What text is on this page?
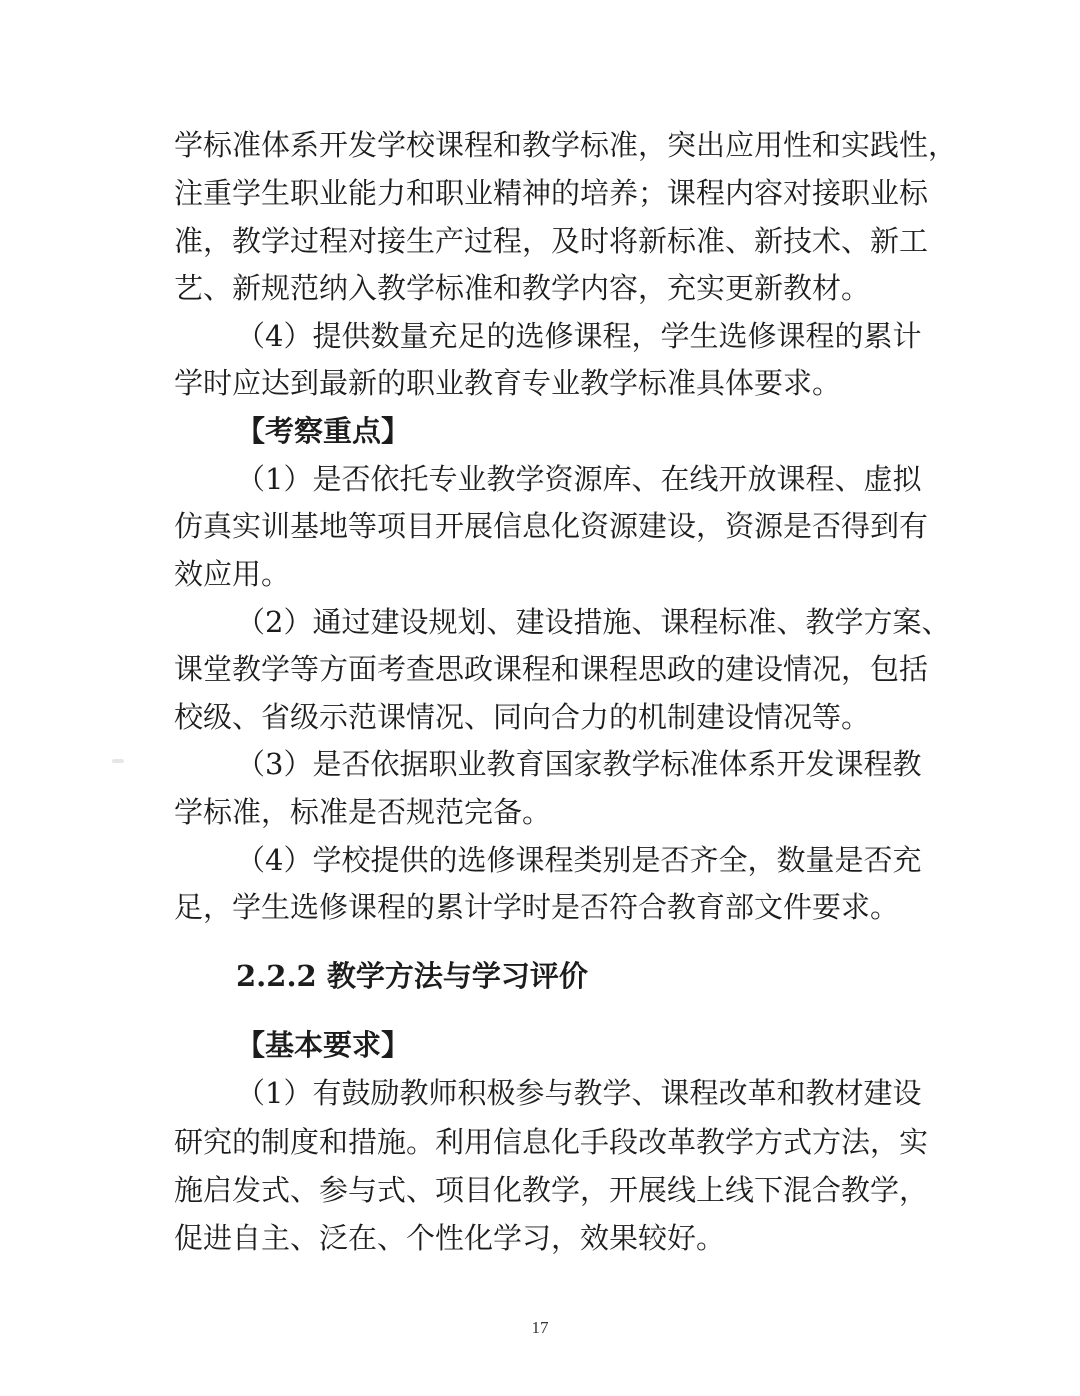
学标准体系开发学校课程和教学标准，突出应用性和实践性，
注重学生职业能力和职业精神的培养；课程内容对接职业标
准，教学过程对接生产过程，及时将新标准、新技术、新工
艺、新规范纳入教学标准和教学内容，充实更新教材。
（4）提供数量充足的选修课程，学生选修课程的累计
学时应达到最新的职业教育专业教学标准具体要求。
【考察重点】
（1）是否依托专业教学资源库、在线开放课程、虚拟
仿真实训基地等项目开展信息化资源建设，资源是否得到有
效应用。
（2）通过建设规划、建设措施、课程标准、教学方案、
课堂教学等方面考查思政课程和课程思政的建设情况，包括
校级、省级示范课情况、同向合力的机制建设情况等。
（3）是否依据职业教育国家教学标准体系开发课程教
学标准，标准是否规范完备。
（4）学校提供的选修课程类别是否齐全，数量是否充
足，学生选修课程的累计学时是否符合教育部文件要求。
2.2.2 教学方法与学习评价
【基本要求】
（1）有鼓励教师积极参与教学、课程改革和教材建设
研究的制度和措施。利用信息化手段改革教学方式方法，实
施启发式、参与式、项目化教学，开展线上线下混合教学，
促进自主、泛在、个性化学习，效果较好。
17
